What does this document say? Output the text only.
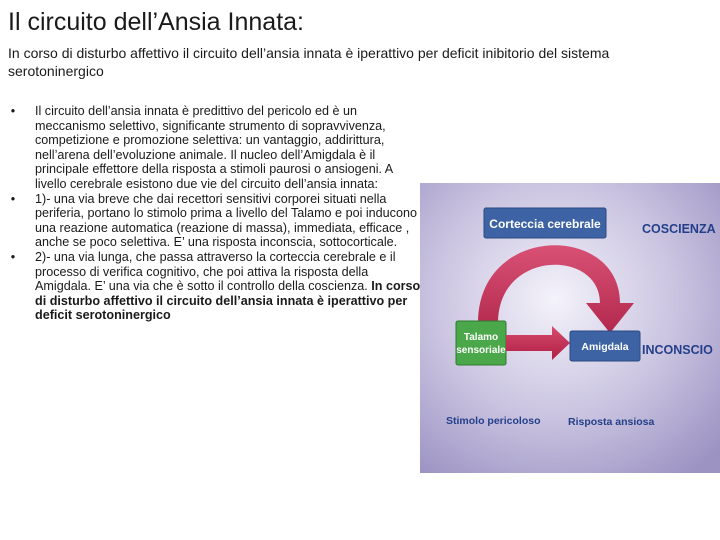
Il circuito dell’Ansia Innata:
In corso di disturbo affettivo il circuito dell’ansia innata è iperattivo per deficit inibitorio del sistema serotoninergico
• Il circuito dell’ansia innata è predittivo del pericolo ed è un meccanismo selettivo, significante strumento di sopravvivenza, competizione e promozione selettiva: un vantaggio, addirittura, nell’arena dell’evoluzione animale. Il nucleo dell’Amigdala è il principale effettore della risposta a stimoli paurosi o ansiogeni. A livello cerebrale esistono due vie del circuito dell’ansia innata:
• 1)- una via breve che dai recettori sensitivi corporei situati nella periferia, portano lo stimolo prima a livello del Talamo e poi inducono una reazione automatica (reazione di massa), immediata, efficace , anche se poco selettiva. E’ una risposta inconscia, sottocorticale.
• 2)- una via lunga, che passa attraverso la corteccia cerebrale e il processo di verifica cognitivo, che poi attiva la risposta della Amigdala. E’ una via che è sotto il controllo della coscienza. In corso di disturbo affettivo il circuito dell’ansia innata è iperattivo per deficit serotoninergico
Corteccia cerebrale	COSCIENZA
Talamo
sensoriale	Amigdala INCONSCIO
Stimolo pericoloso	Risposta ansiosa
